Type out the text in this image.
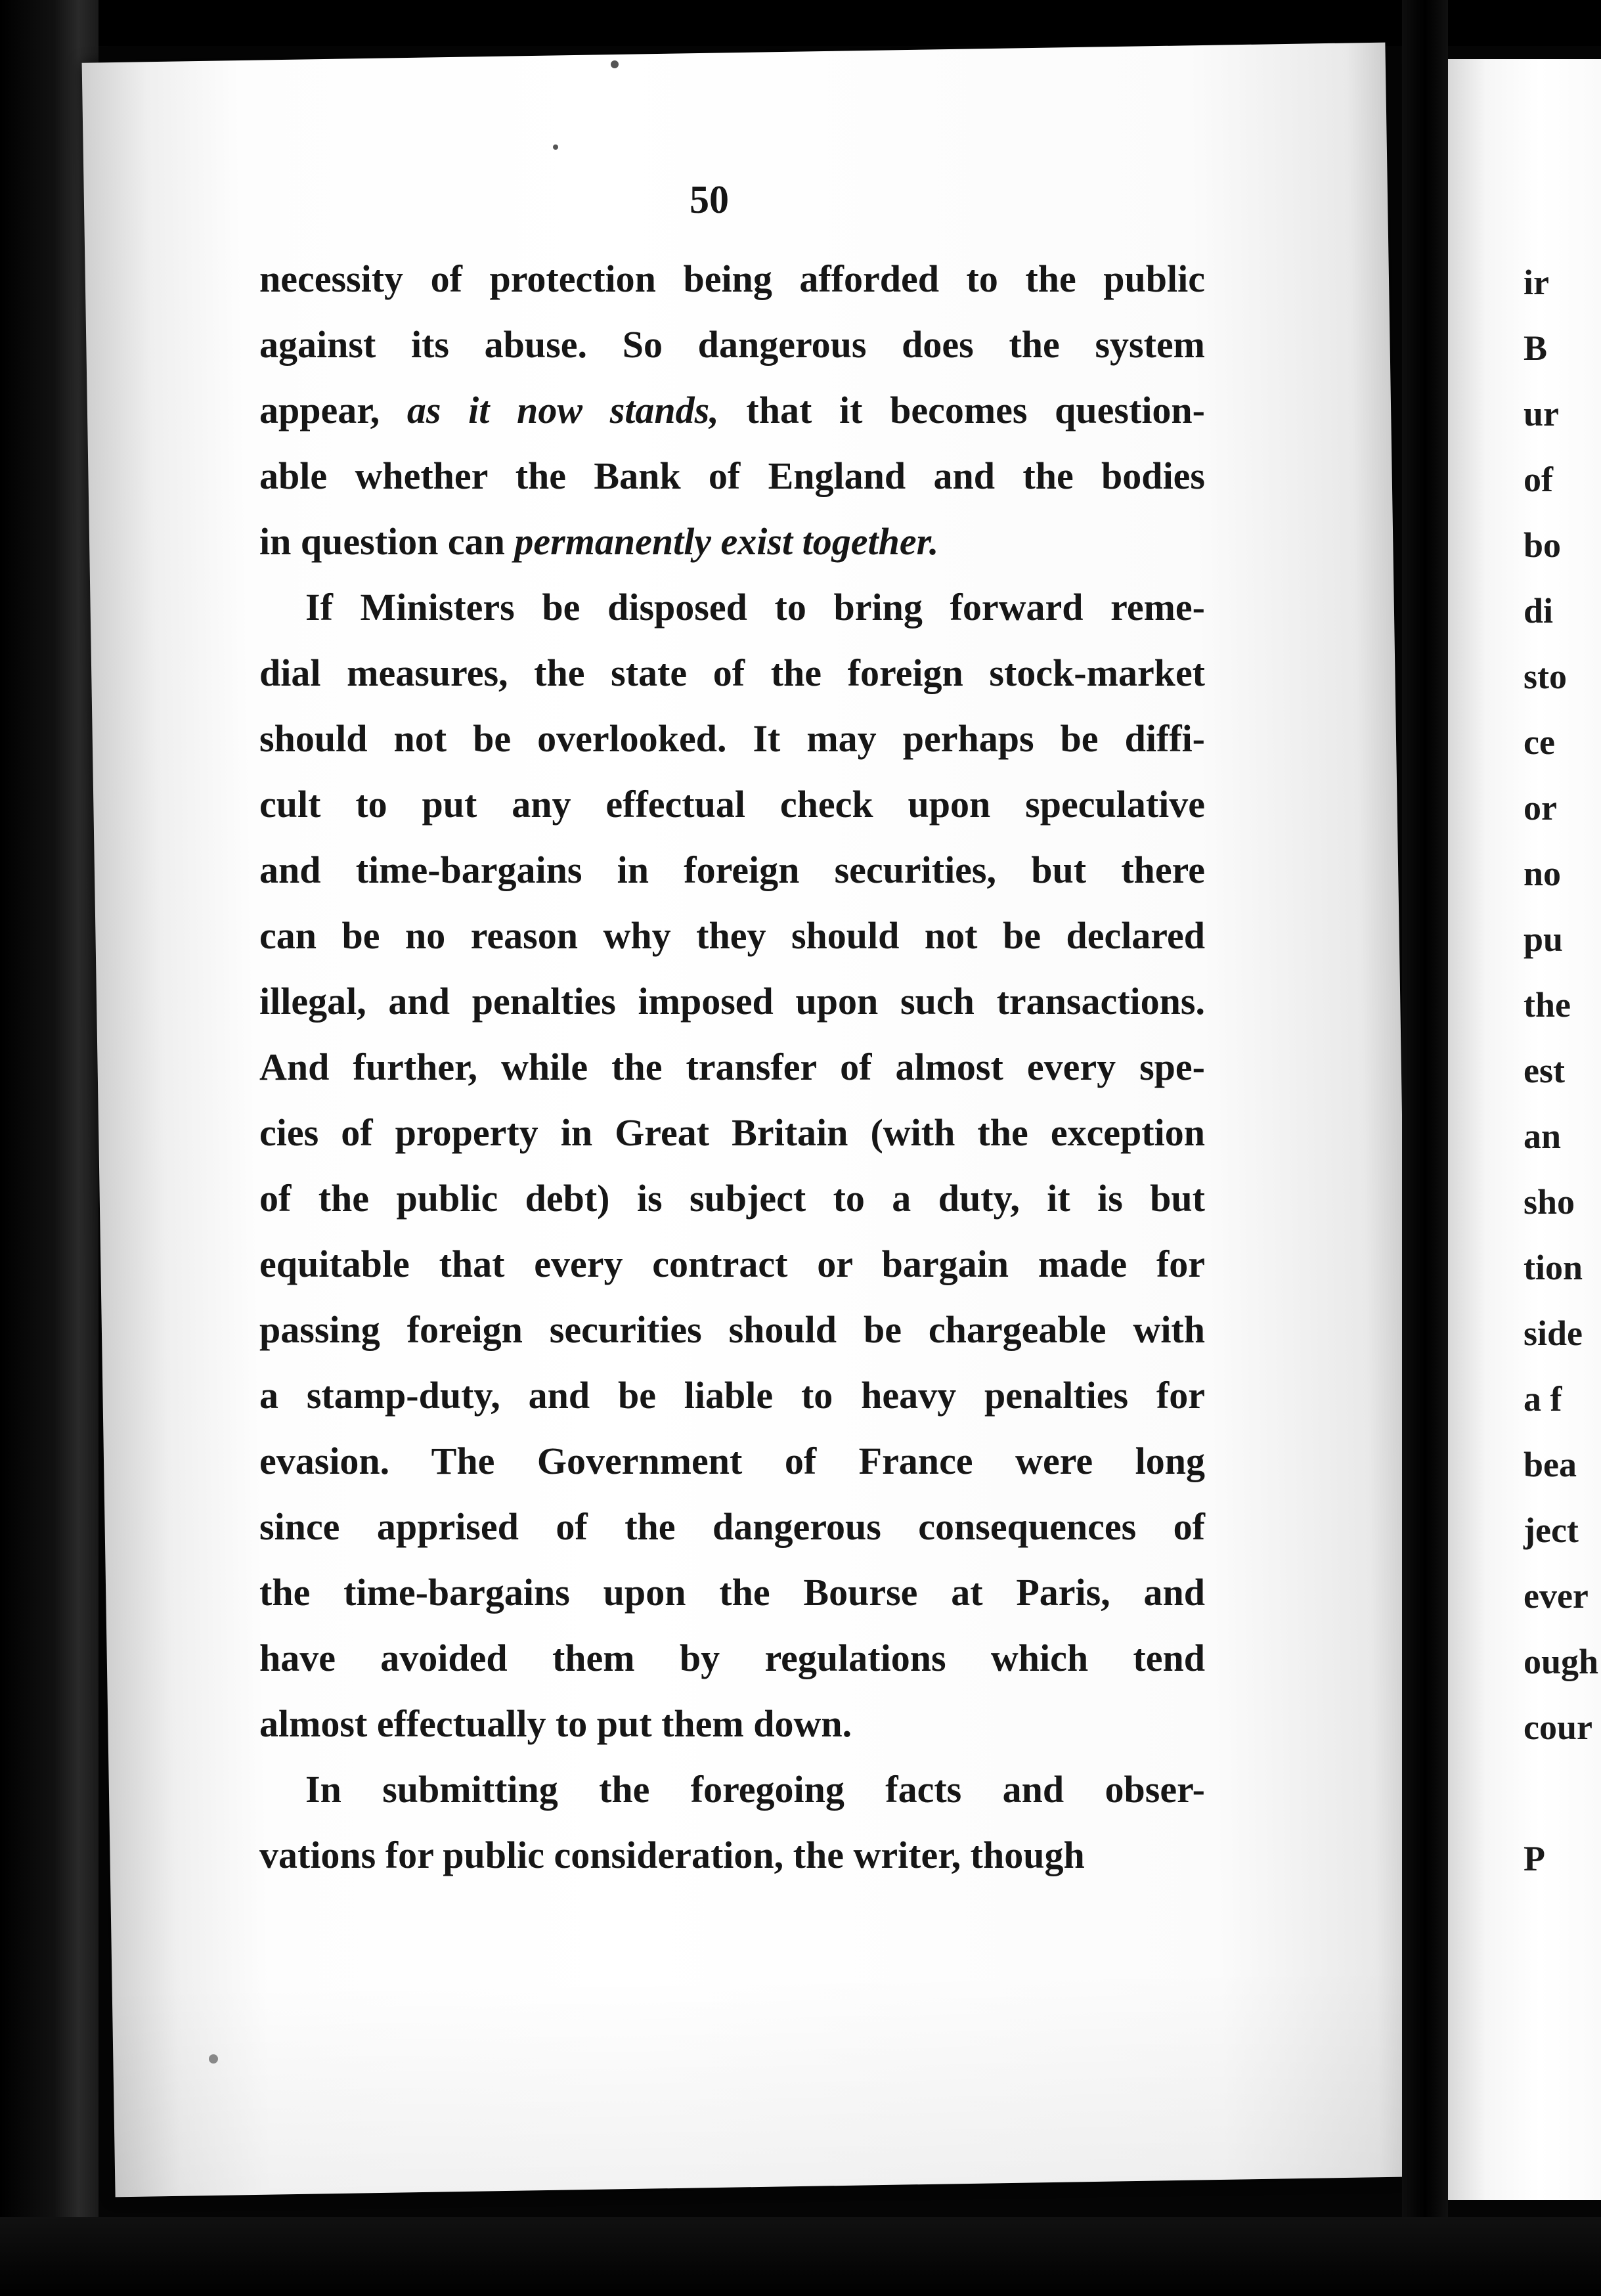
50
necessity of protection being afforded to the public
against its abuse. So dangerous does the system
appear, as it now stands, that it becomes question-
able whether the Bank of England and the bodies
in question can permanently exist together.
If Ministers be disposed to bring forward reme-
dial measures, the state of the foreign stock-market
should not be overlooked. It may perhaps be diffi-
cult to put any effectual check upon speculative
and time-bargains in foreign securities, but there
can be no reason why they should not be declared
illegal, and penalties imposed upon such transactions.
And further, while the transfer of almost every spe-
cies of property in Great Britain (with the exception
of the public debt) is subject to a duty, it is but
equitable that every contract or bargain made for
passing foreign securities should be chargeable with
a stamp-duty, and be liable to heavy penalties for
evasion. The Government of France were long
since apprised of the dangerous consequences of
the time-bargains upon the Bourse at Paris, and
have avoided them by regulations which tend
almost effectually to put them down.
In submitting the foregoing facts and obser-
vations for public consideration, the writer, though
ir
B
ur
of
bo
di
sto
ce
or
no
pu
the
est
an
sho
tion
side
a f
bea
ject
ever
ough
cour
P
